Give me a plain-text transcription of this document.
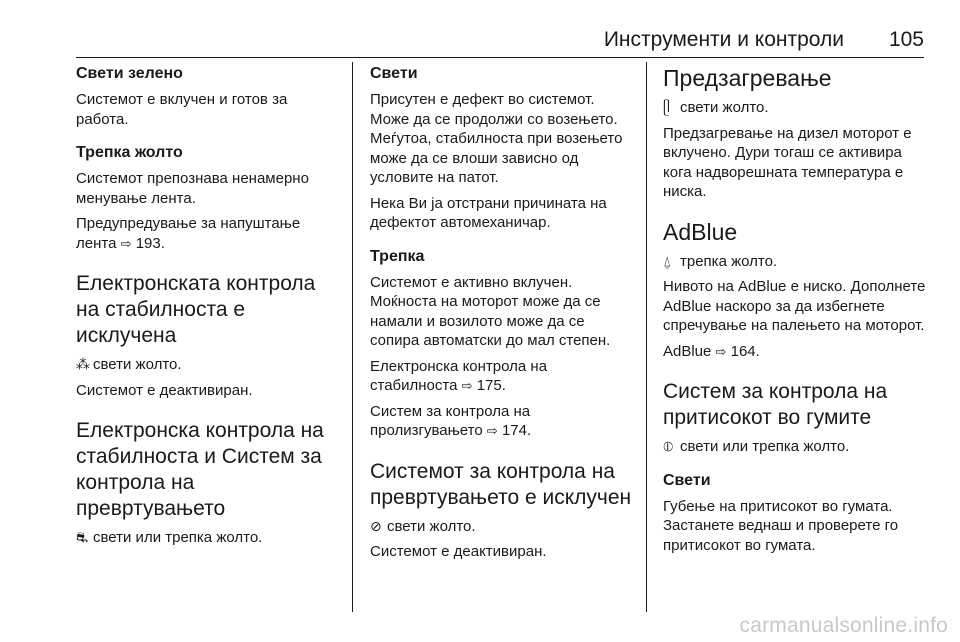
Инструменти и контроли 105
Свети зелено
Системот е вклучен и готов за работа.
Трепка жолто
Системот препознава ненамерно менување лента.
Предупредување за напуштање лента ⇨ 193.
Електронската контрола на стабилноста е исклучена
⁂ свети жолто.
Системот е деактивиран.
Електронска контрола на стабилноста и Систем за контрола на превртувањето
⛐ свети или трепка жолто.
Свети
Присутен е дефект во системот. Може да се продолжи со возењето. Меѓутоа, стабилноста при возењето може да се влоши зависно од условите на патот.
Нека Ви ја отстрани причината на дефектот автомеханичар.
Трепка
Системот е активно вклучен. Моќноста на моторот може да се намали и возилото може да се сопира автоматски до мал степен.
Електронска контрола на стабилноста ⇨ 175.
Систем за контрола на пролизгувањето ⇨ 174.
Системот за контрола на превртувањето е исклучен
⊘ свети жолто.
Системот е деактивиран.
Предзагревање
ᥫ свети жолто.
Предзагревање на дизел моторот е вклучено. Дури тогаш се активира кога надворешната температура е ниска.
AdBlue
⍙ трепка жолто.
Нивото на AdBlue е ниско. Дополнете AdBlue наскоро за да избегнете спречување на палењето на моторот.
AdBlue ⇨ 164.
Систем за контрола на притисокот во гумите
⦶ свети или трепка жолто.
Свети
Губење на притисокот во гумата. Застанете веднаш и проверете го притисокот во гумата.
carmanualsonline.info
